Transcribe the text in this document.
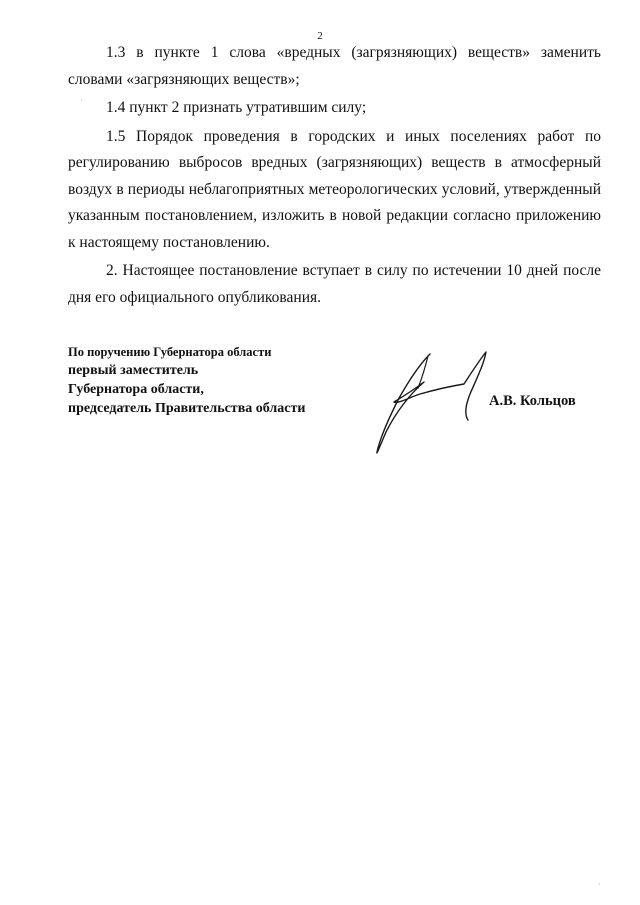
2

1.3 в пункте 1 слова «вредных (загрязняющих) веществ» заменить словами «загрязняющих веществ»;

1.4 пункт 2 признать утратившим силу;

1.5 Порядок проведения в городских и иных поселениях работ по регулированию выбросов вредных (загрязняющих) веществ в атмосферный воздух в периоды неблагоприятных метеорологических условий, утвержденный указанным постановлением, изложить в новой редакции согласно приложению к настоящему постановлению.

2. Настоящее постановление вступает в силу по истечении 10 дней после дня его официального опубликования.

По поручению Губернатора области
первый заместитель
Губернатора области,
председатель Правительства области	А.В. Кольцов
·
·
